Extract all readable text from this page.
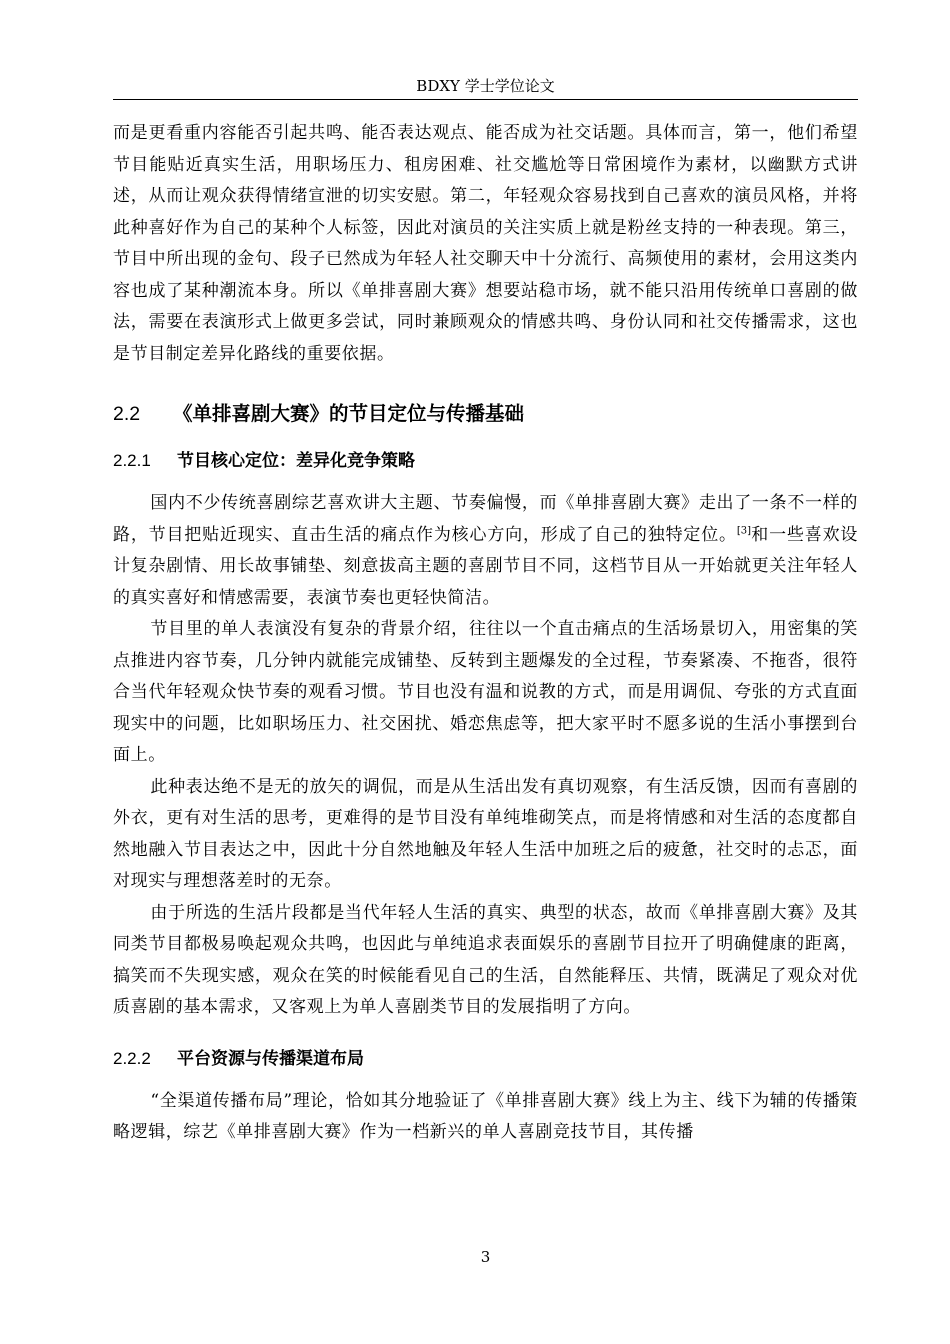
BDXY 学士学位论文

而是更看重内容能否引起共鸣、能否表达观点、能否成为社交话题。具体而言，第一，他们希望节目能贴近真实生活，用职场压力、租房困难、社交尴尬等日常困境作为素材，以幽默方式讲述，从而让观众获得情绪宣泄的切实安慰。第二，年轻观众容易找到自己喜欢的演员风格，并将此种喜好作为自己的某种个人标签，因此对演员的关注实质上就是粉丝支持的一种表现。第三，节目中所出现的金句、段子已然成为年轻人社交聊天中十分流行、高频使用的素材，会用这类内容也成了某种潮流本身。所以《单排喜剧大赛》想要站稳市场，就不能只沿用传统单口喜剧的做法，需要在表演形式上做更多尝试，同时兼顾观众的情感共鸣、身份认同和社交传播需求，这也是节目制定差异化路线的重要依据。

2.2 《单排喜剧大赛》的节目定位与传播基础
2.2.1 节目核心定位：差异化竞争策略

国内不少传统喜剧综艺喜欢讲大主题、节奏偏慢，而《单排喜剧大赛》走出了一条不一样的路，节目把贴近现实、直击生活的痛点作为核心方向，形成了自己的独特定位。[3]和一些喜欢设计复杂剧情、用长故事铺垫、刻意拔高主题的喜剧节目不同，这档节目从一开始就更关注年轻人的真实喜好和情感需要，表演节奏也更轻快简洁。

节目里的单人表演没有复杂的背景介绍，往往以一个直击痛点的生活场景切入，用密集的笑点推进内容节奏，几分钟内就能完成铺垫、反转到主题爆发的全过程，节奏紧凑、不拖沓，很符合当代年轻观众快节奏的观看习惯。节目也没有温和说教的方式，而是用调侃、夸张的方式直面现实中的问题，比如职场压力、社交困扰、婚恋焦虑等，把大家平时不愿多说的生活小事摆到台面上。

此种表达绝不是无的放矢的调侃，而是从生活出发有真切观察，有生活反馈，因而有喜剧的外衣，更有对生活的思考，更难得的是节目没有单纯堆砌笑点，而是将情感和对生活的态度都自然地融入节目表达之中，因此十分自然地触及年轻人生活中加班之后的疲惫，社交时的忐忑，面对现实与理想落差时的无奈。

由于所选的生活片段都是当代年轻人生活的真实、典型的状态，故而《单排喜剧大赛》及其同类节目都极易唤起观众共鸣，也因此与单纯追求表面娱乐的喜剧节目拉开了明确健康的距离，搞笑而不失现实感，观众在笑的时候能看见自己的生活，自然能释压、共情，既满足了观众对优质喜剧的基本需求，又客观上为单人喜剧类节目的发展指明了方向。

2.2.2 平台资源与传播渠道布局

“全渠道传播布局”理论，恰如其分地验证了《单排喜剧大赛》线上为主、线下为辅的传播策略逻辑，综艺《单排喜剧大赛》作为一档新兴的单人喜剧竞技节目，其传播

3
